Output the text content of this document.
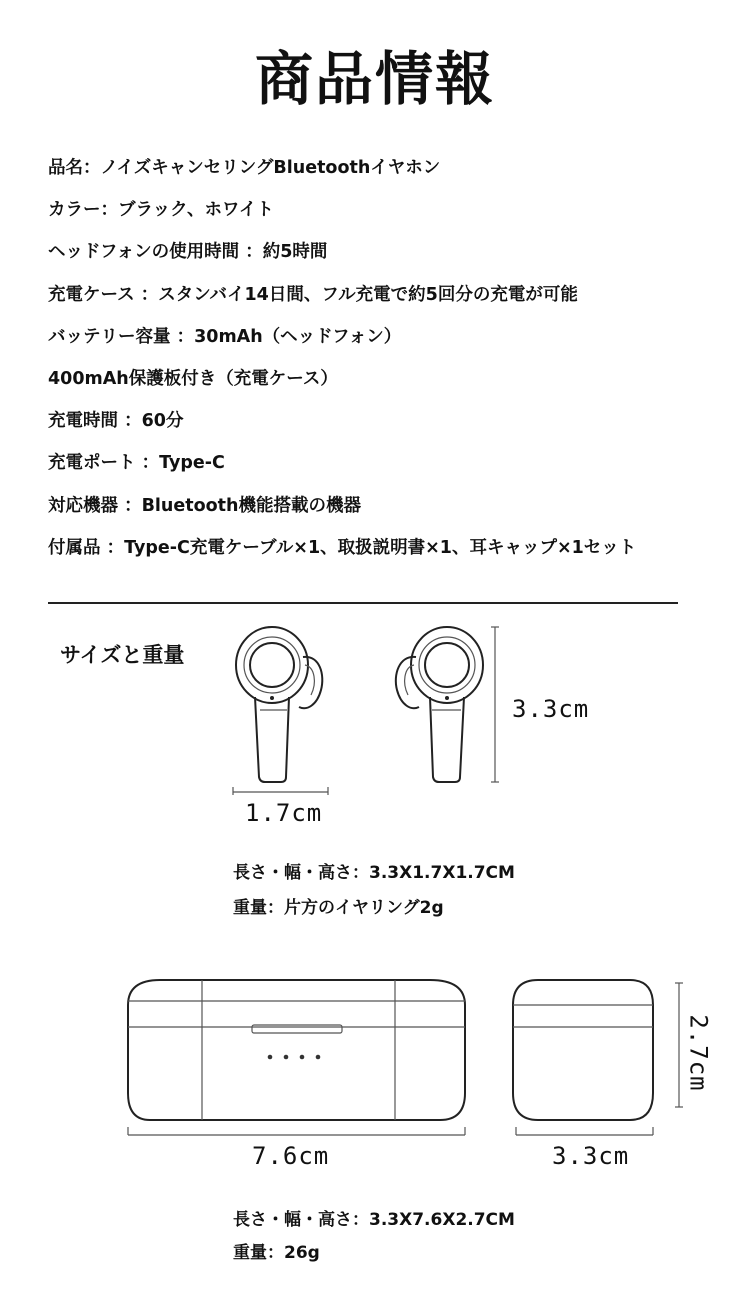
商品情報
品名：ノイズキャンセリングBluetoothイヤホン
カラー：ブラック、ホワイト
ヘッドフォンの使用時間 ：約5時間
充電ケース ：スタンバイ14日間、フル充電で約5回分の充電が可能
バッテリー容量 ：30mAh（ヘッドフォン）
400mAh保護板付き（充電ケース）
充電時間 ：60分
充電ポート ：Type-C
対応機器 ：Bluetooth機能搭載の機器
付属品 ：Type-C充電ケーブル×1、取扱説明書×1、耳キャップ×1セット
サイズと重量
3.3cm
1.7cm
長さ・幅・高さ：3.3X1.7X1.7CM
重量：片方のイヤリング2g
7.6cm	3.3cm
2.7cm
長さ・幅・高さ：3.3X7.6X2.7CM
重量：26g
